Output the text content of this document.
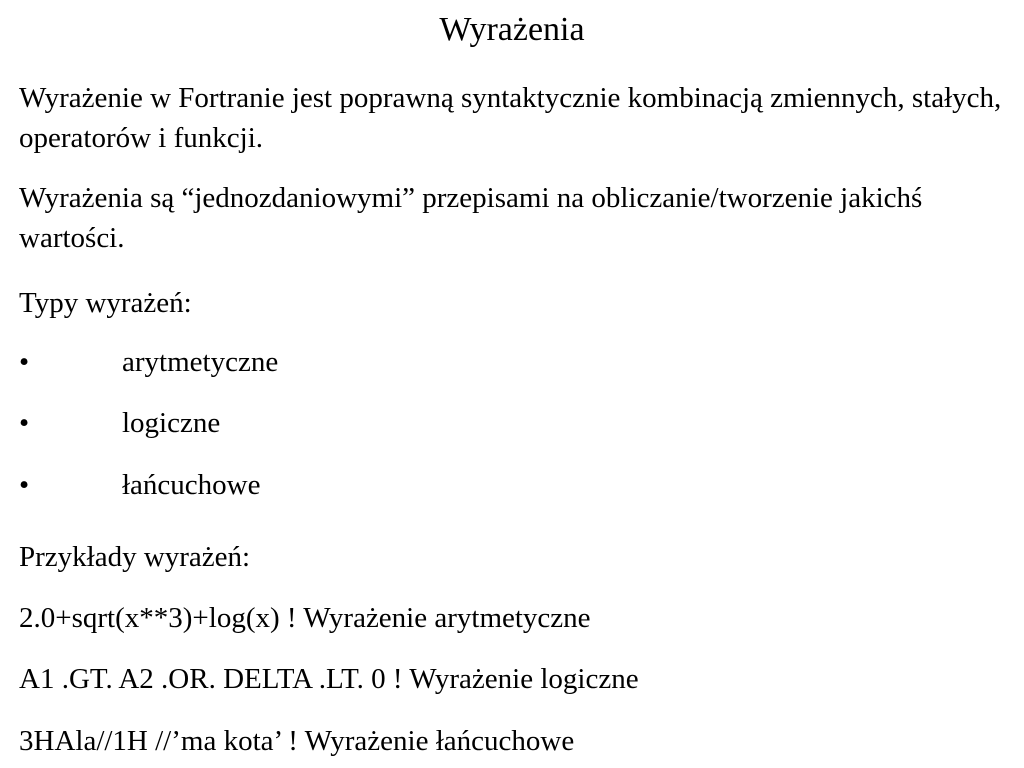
Wyrażenia

Wyrażenie w Fortranie jest poprawną syntaktycznie kombinacją zmiennych, stałych, operatorów i funkcji.

Wyrażenia są “jednozdaniowymi” przepisami na obliczanie/tworzenie jakichś wartości.

Typy wyrażeń:
•	arytmetyczne
•	logiczne
•	łańcuchowe
Przykłady wyrażeń:
2.0+sqrt(x**3)+log(x) ! Wyrażenie arytmetyczne
A1 .GT. A2 .OR. DELTA .LT. 0 ! Wyrażenie logiczne
3HAla//1H //’ma kota’ ! Wyrażenie łańcuchowe
